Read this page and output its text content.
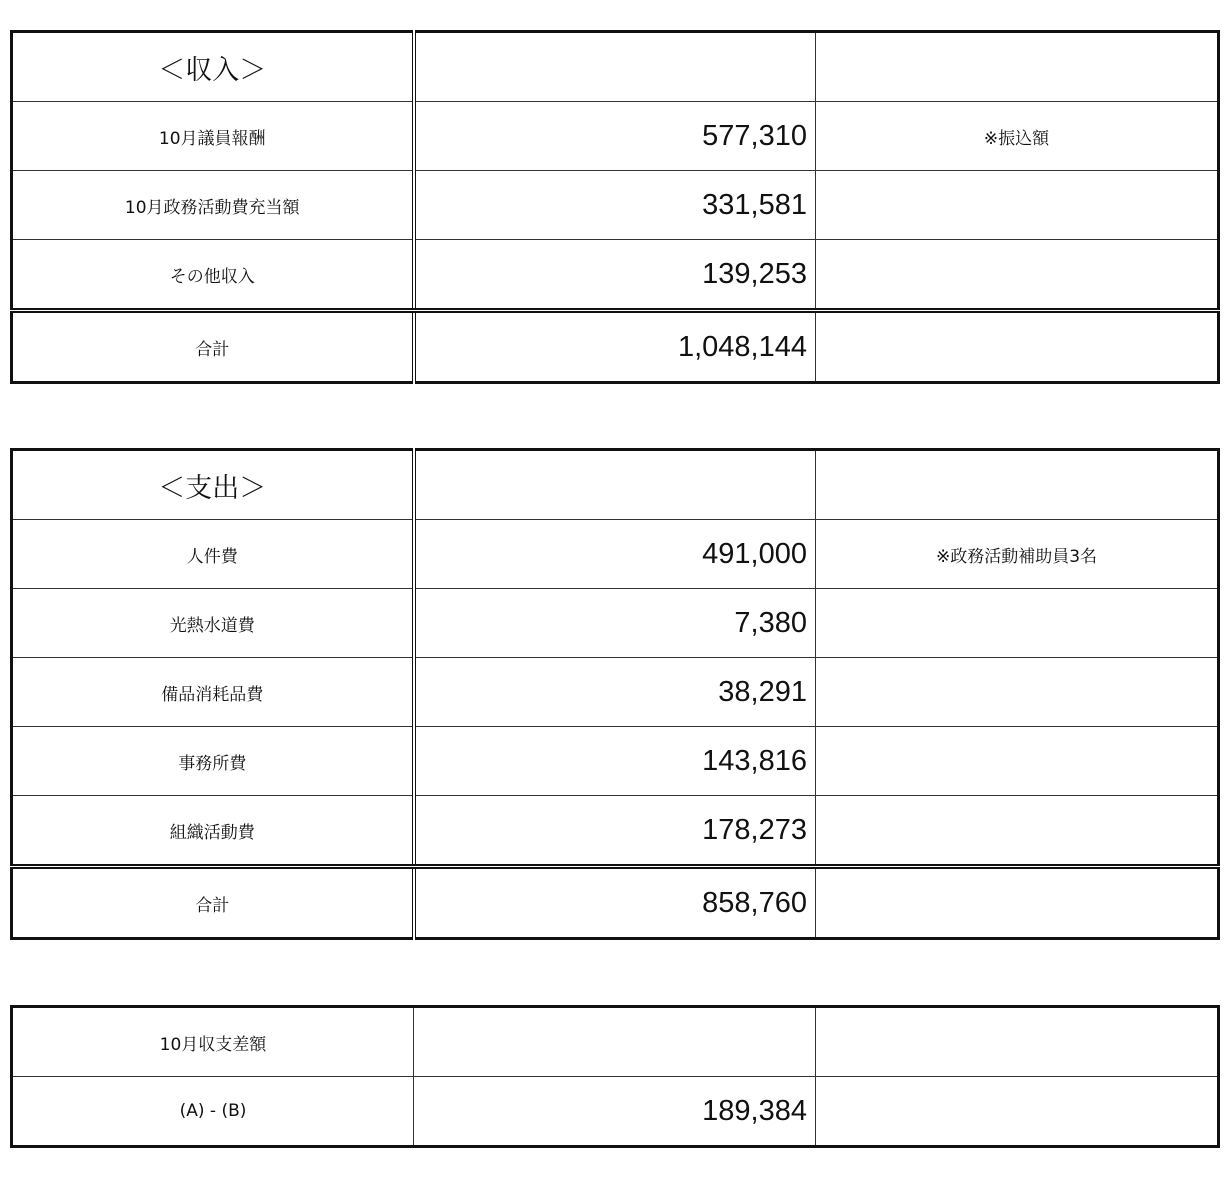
＜収入＞		
10月議員報酬	577,310	※振込額
10月政務活動費充当額	331,581	
その他収入	139,253	
合計	1,048,144	
＜支出＞		
人件費	491,000	※政務活動補助員3名
光熱水道費	7,380	
備品消耗品費	38,291	
事務所費	143,816	
組織活動費	178,273	
合計	858,760	
10月収支差額		
(A) - (B)	189,384	
